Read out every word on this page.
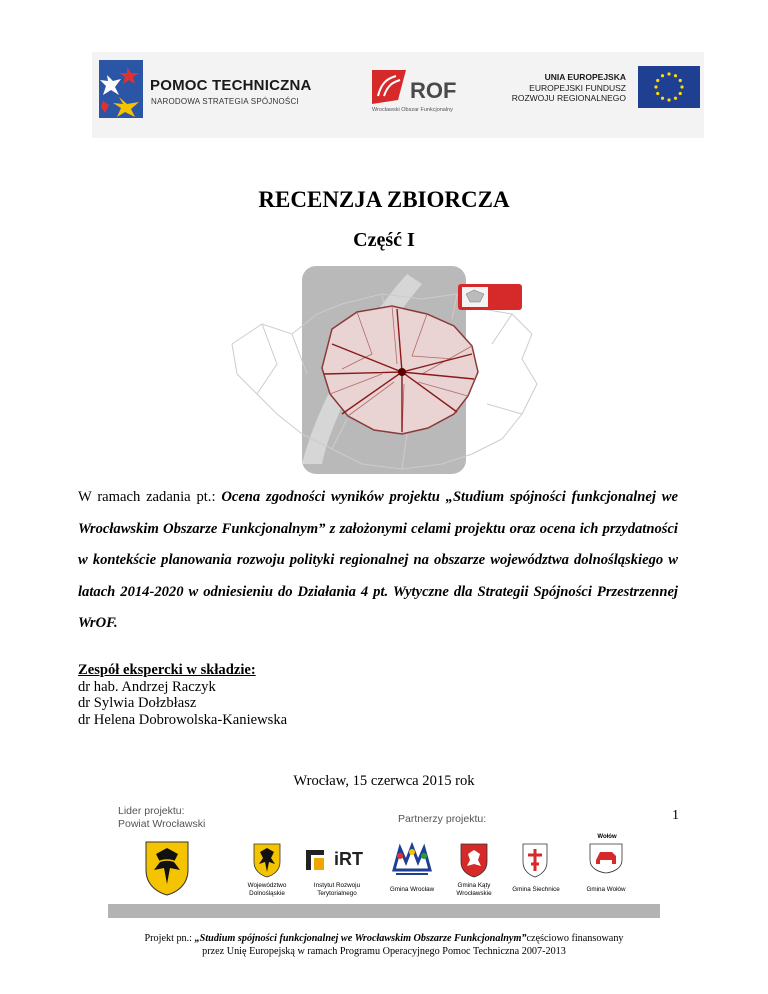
POMOC TECHNICZNA
NARODOWA STRATEGIA SPÓJNOŚCI	ROF
Wrocławski Obszar Funkcjonalny
UNIA EUROPEJSKA
EUROPEJSKI FUNDUSZ
ROZWOJU REGIONALNEGO
RECENZJA ZBIORCZA
Część I
W ramach zadania pt.: Ocena zgodności wyników projektu „Studium spójności funkcjonalnej we Wrocławskim Obszarze Funkcjonalnym” z założonymi celami projektu oraz ocena ich przydatności w kontekście planowania rozwoju polityki regionalnej na obszarze województwa dolnośląskiego w latach 2014-2020 w odniesieniu do Działania 4 pt. Wytyczne dla Strategii Spójności Przestrzennej WrOF.
Zespół ekspercki w składzie:
dr hab. Andrzej Raczyk
dr Sylwia Dołzbłasz
dr Helena Dobrowolska-Kaniewska
Wrocław, 15 czerwca 2015 rok
Lider projektu:
Powiat Wrocławski	Partnerzy projektu:	1
iRT
Wołów
Województwo
Dolnośląskie
Instytut Rozwoju
Terytorialnego
Gmina Wrocław
Gmina Kąty
Wrocławskie
Gmina Siechnice	Gmina Wołów
Projekt pn.: „Studium spójności funkcjonalnej we Wrocławskim Obszarze Funkcjonalnym”częściowo finansowany
przez Unię Europejską w ramach Programu Operacyjnego Pomoc Techniczna 2007-2013
